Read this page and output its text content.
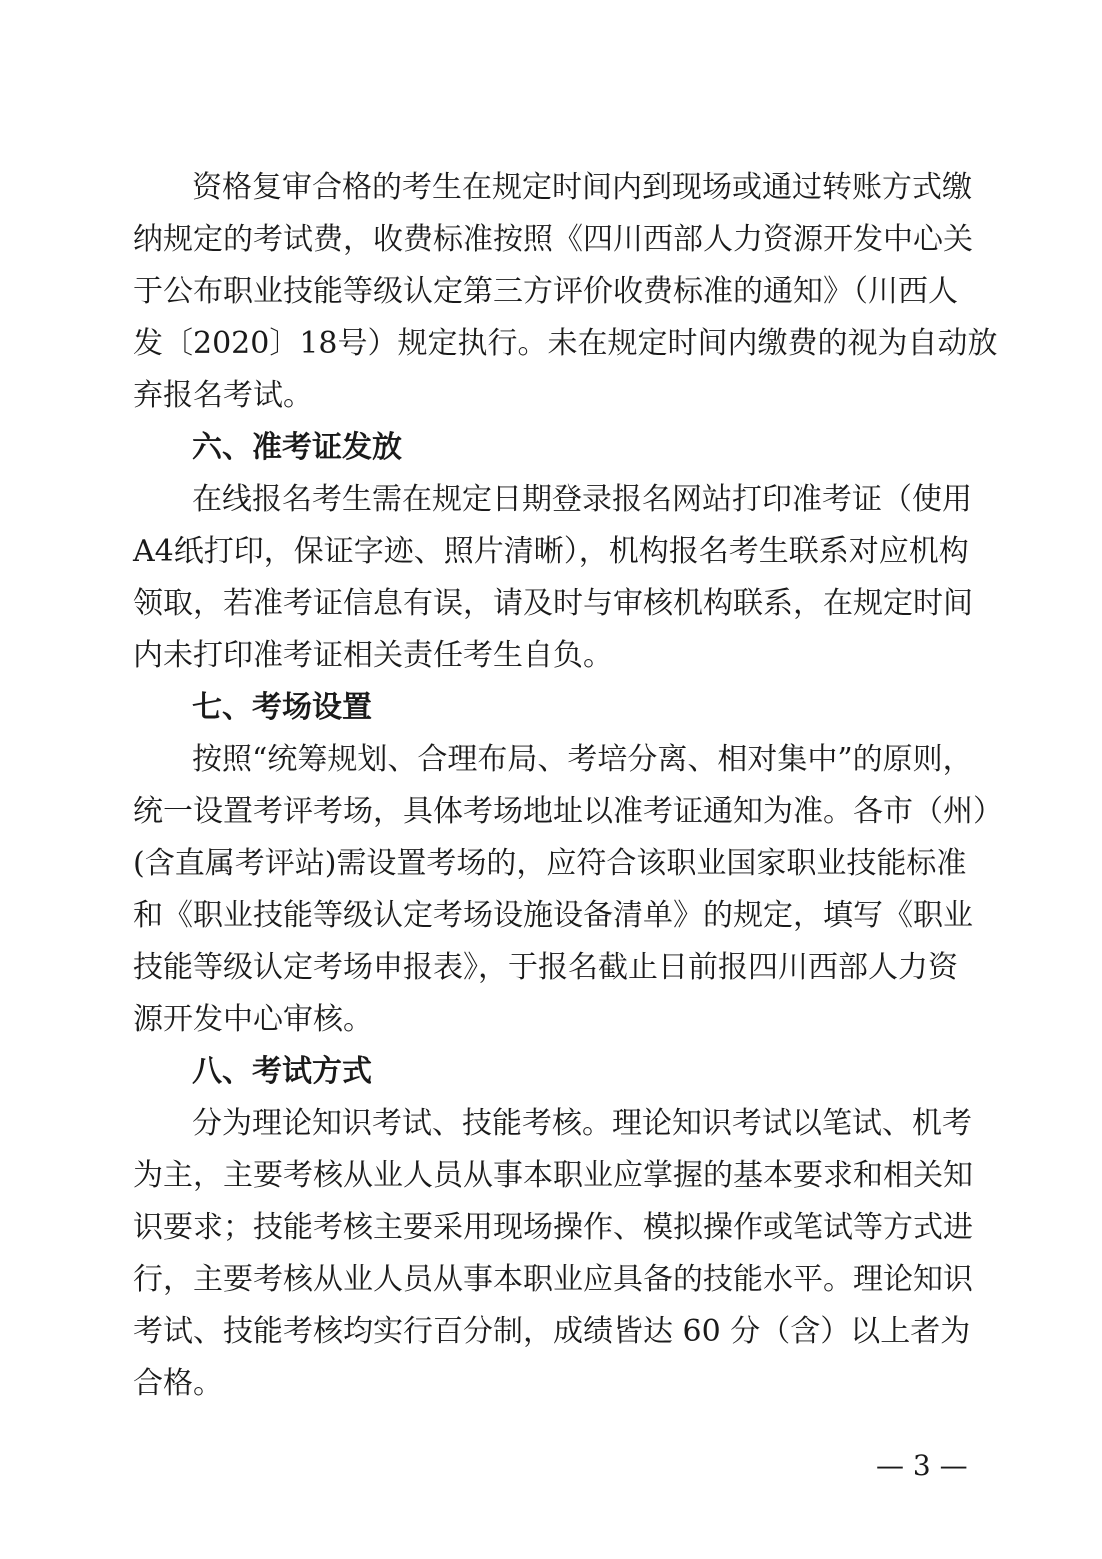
资格复审合格的考生在规定时间内到现场或通过转账方式缴

纳规定的考试费，收费标准按照《四川西部人力资源开发中心关

于公布职业技能等级认定第三方评价收费标准的通知》（川西人

发〔2020〕18号）规定执行。未在规定时间内缴费的视为自动放

弃报名考试。

六、准考证发放

在线报名考生需在规定日期登录报名网站打印准考证（使用

A4纸打印，保证字迹、照片清晰），机构报名考生联系对应机构

领取，若准考证信息有误，请及时与审核机构联系，在规定时间

内未打印准考证相关责任考生自负。

七、考场设置

按照“统筹规划、合理布局、考培分离、相对集中”的原则，

统一设置考评考场，具体考场地址以准考证通知为准。各市（州）

(含直属考评站)需设置考场的，应符合该职业国家职业技能标准

和《职业技能等级认定考场设施设备清单》的规定，填写《职业

技能等级认定考场申报表》，于报名截止日前报四川西部人力资

源开发中心审核。

八、考试方式

分为理论知识考试、技能考核。理论知识考试以笔试、机考

为主，主要考核从业人员从事本职业应掌握的基本要求和相关知

识要求；技能考核主要采用现场操作、模拟操作或笔试等方式进

行，主要考核从业人员从事本职业应具备的技能水平。理论知识

考试、技能考核均实行百分制，成绩皆达 60 分（含）以上者为

合格。

— 3 —
